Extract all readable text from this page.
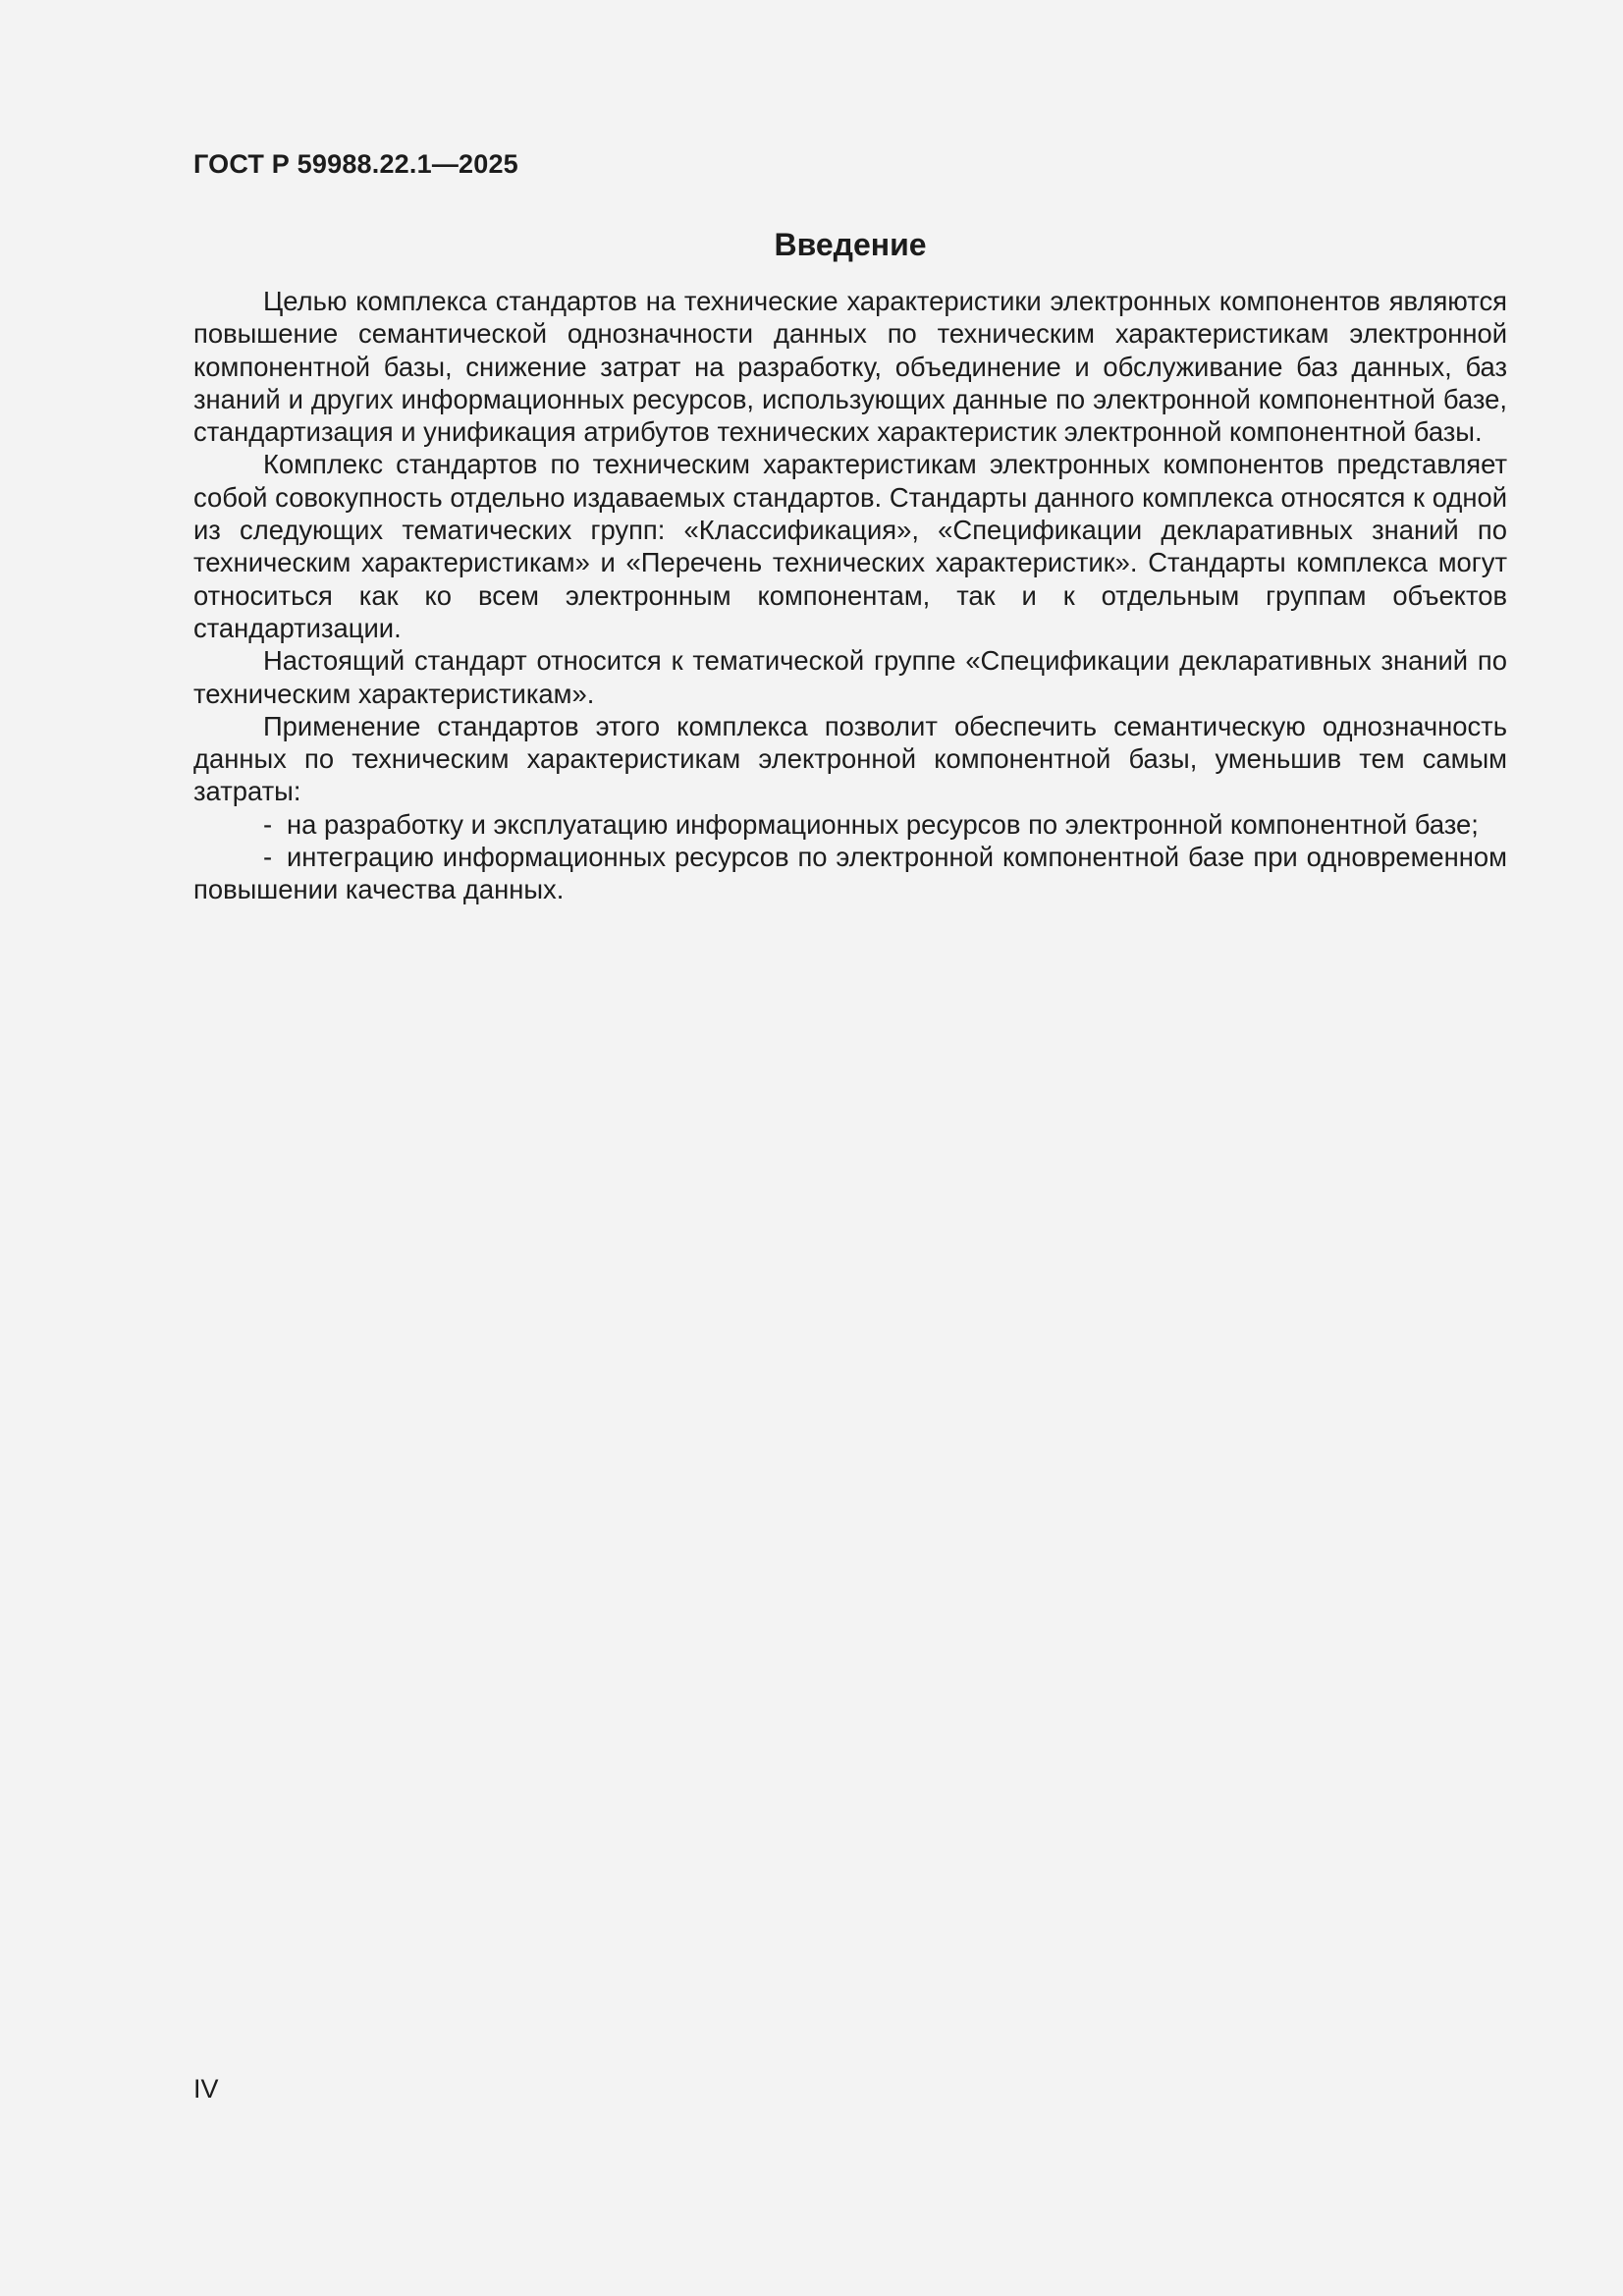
ГОСТ Р 59988.22.1—2025
Введение

Целью комплекса стандартов на технические характеристики электронных компонентов являются повышение семантической однозначности данных по техническим характеристикам электронной компонентной базы, снижение затрат на разработку, объединение и обслуживание баз данных, баз знаний и других информационных ресурсов, использующих данные по электронной компонентной базе, стандартизация и унификация атрибутов технических характеристик электронной компонентной базы.

Комплекс стандартов по техническим характеристикам электронных компонентов представляет собой совокупность отдельно издаваемых стандартов. Стандарты данного комплекса относятся к одной из следующих тематических групп: «Классификация», «Спецификации декларативных знаний по техническим характеристикам» и «Перечень технических характеристик». Стандарты комплекса могут относиться как ко всем электронным компонентам, так и к отдельным группам объектов стандартизации.

Настоящий стандарт относится к тематической группе «Спецификации декларативных знаний по техническим характеристикам».

Применение стандартов этого комплекса позволит обеспечить семантическую однозначность данных по техническим характеристикам электронной компонентной базы, уменьшив тем самым затраты:

- на разработку и эксплуатацию информационных ресурсов по электронной компонентной базе;

- интеграцию информационных ресурсов по электронной компонентной базе при одновременном повышении качества данных.

IV
